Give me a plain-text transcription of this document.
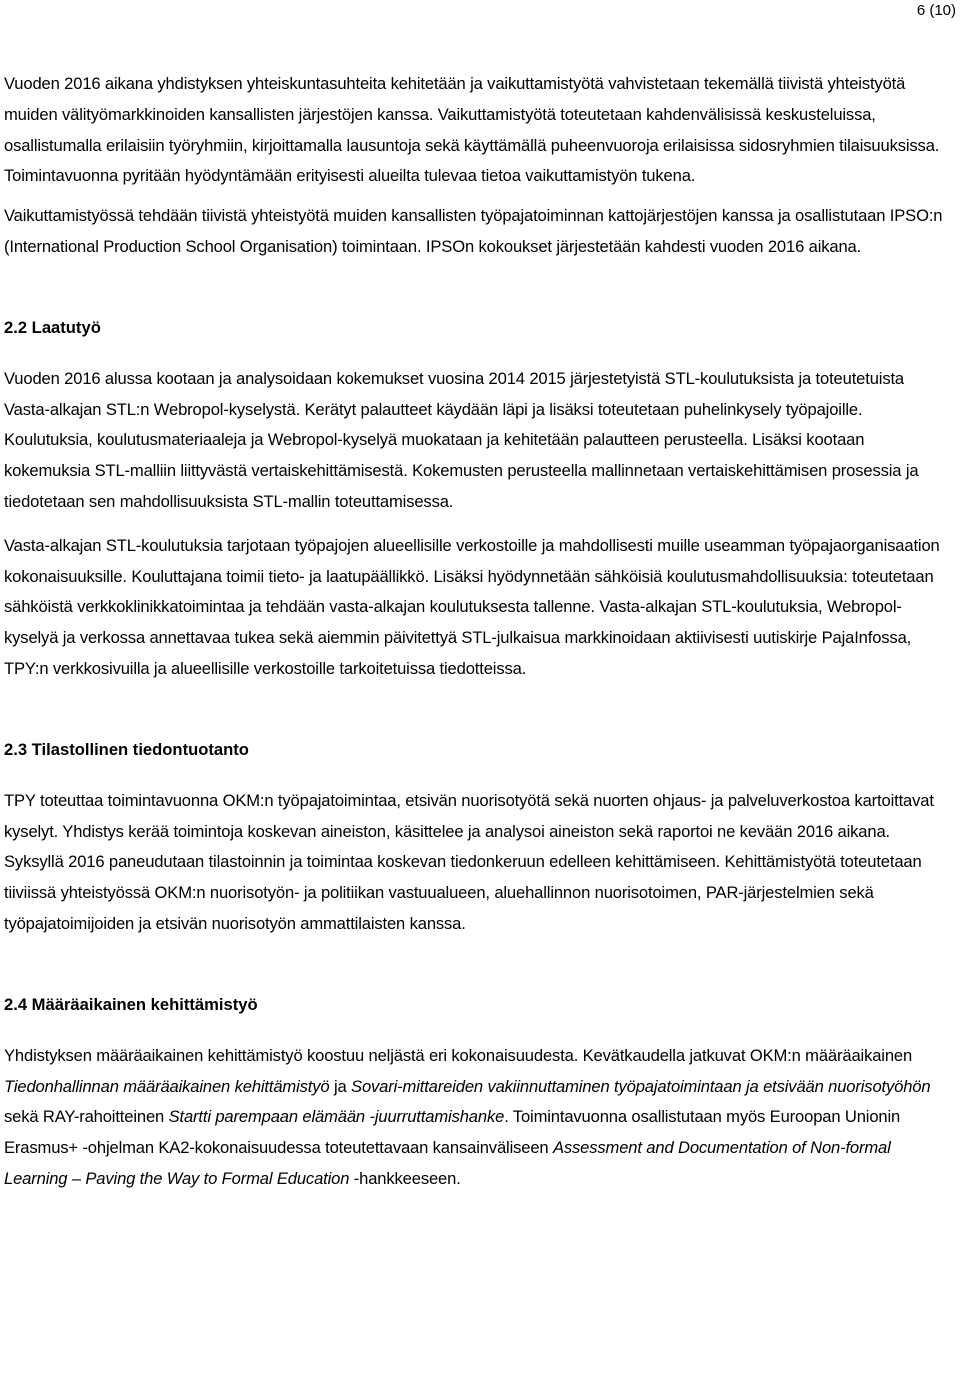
6 (10)

Vuoden 2016 aikana yhdistyksen yhteiskuntasuhteita kehitetään ja vaikuttamistyötä vahvistetaan tekemällä tiivistä yhteistyötä muiden välityömarkkinoiden kansallisten järjestöjen kanssa. Vaikuttamistyötä toteutetaan kahdenvälisissä keskusteluissa, osallistumalla erilaisiin työryhmiin, kirjoittamalla lausuntoja sekä käyttämällä puheenvuoroja erilaisissa sidosryhmien tilaisuuksissa. Toimintavuonna pyritään hyödyntämään erityisesti alueilta tulevaa tietoa vaikuttamistyön tukena.

Vaikuttamistyössä tehdään tiivistä yhteistyötä muiden kansallisten työpajatoiminnan kattojärjestöjen kanssa ja osallistutaan IPSO:n (International Production School Organisation) toimintaan. IPSOn kokoukset järjestetään kahdesti vuoden 2016 aikana.

2.2 Laatutyö

Vuoden 2016 alussa kootaan ja analysoidaan kokemukset vuosina 2014 2015 järjestetyistä STL-koulutuksista ja toteutetuista Vasta-alkajan STL:n Webropol-kyselystä. Kerätyt palautteet käydään läpi ja lisäksi toteutetaan puhelinkysely työpajoille. Koulutuksia, koulutusmateriaaleja ja Webropol-kyselyä muokataan ja kehitetään palautteen perusteella. Lisäksi kootaan kokemuksia STL-malliin liittyvästä vertaiskehittämisestä. Kokemusten perusteella mallinnetaan vertaiskehittämisen prosessia ja tiedotetaan sen mahdollisuuksista STL-mallin toteuttamisessa.

Vasta-alkajan STL-koulutuksia tarjotaan työpajojen alueellisille verkostoille ja mahdollisesti muille useamman työpajaorganisaation kokonaisuuksille. Kouluttajana toimii tieto- ja laatupäällikkö. Lisäksi hyödynnetään sähköisiä koulutusmahdollisuuksia: toteutetaan sähköistä verkkoklinikkatoimintaa ja tehdään vasta-alkajan koulutuksesta tallenne. Vasta-alkajan STL-koulutuksia, Webropol-kyselyä ja verkossa annettavaa tukea sekä aiemmin päivitettyä STL-julkaisua markkinoidaan aktiivisesti uutiskirje PajaInfossa, TPY:n verkkosivuilla ja alueellisille verkostoille tarkoitetuissa tiedotteissa.

2.3 Tilastollinen tiedontuotanto

TPY toteuttaa toimintavuonna OKM:n työpajatoimintaa, etsivän nuorisotyötä sekä nuorten ohjaus- ja palveluverkostoa kartoittavat kyselyt. Yhdistys kerää toimintoja koskevan aineiston, käsittelee ja analysoi aineiston sekä raportoi ne kevään 2016 aikana. Syksyllä 2016 paneudutaan tilastoinnin ja toimintaa koskevan tiedonkeruun edelleen kehittämiseen. Kehittämistyötä toteutetaan tiiviissä yhteistyössä OKM:n nuorisotyön- ja politiikan vastuualueen, aluehallinnon nuorisotoimen, PAR-järjestelmien sekä työpajatoimijoiden ja etsivän nuorisotyön ammattilaisten kanssa.

2.4 Määräaikainen kehittämistyö

Yhdistyksen määräaikainen kehittämistyö koostuu neljästä eri kokonaisuudesta. Kevätkaudella jatkuvat OKM:n määräaikainen Tiedonhallinnan määräaikainen kehittämistyö ja Sovari-mittareiden vakiinnuttaminen työpajatoimintaan ja etsivään nuorisotyöhön sekä RAY-rahoitteinen Startti parempaan elämään -juurruttamishanke. Toimintavuonna osallistutaan myös Euroopan Unionin Erasmus+ -ohjelman KA2-kokonaisuudessa toteutettavaan kansainväliseen Assessment and Documentation of Non-formal Learning – Paving the Way to Formal Education -hankkeeseen.
